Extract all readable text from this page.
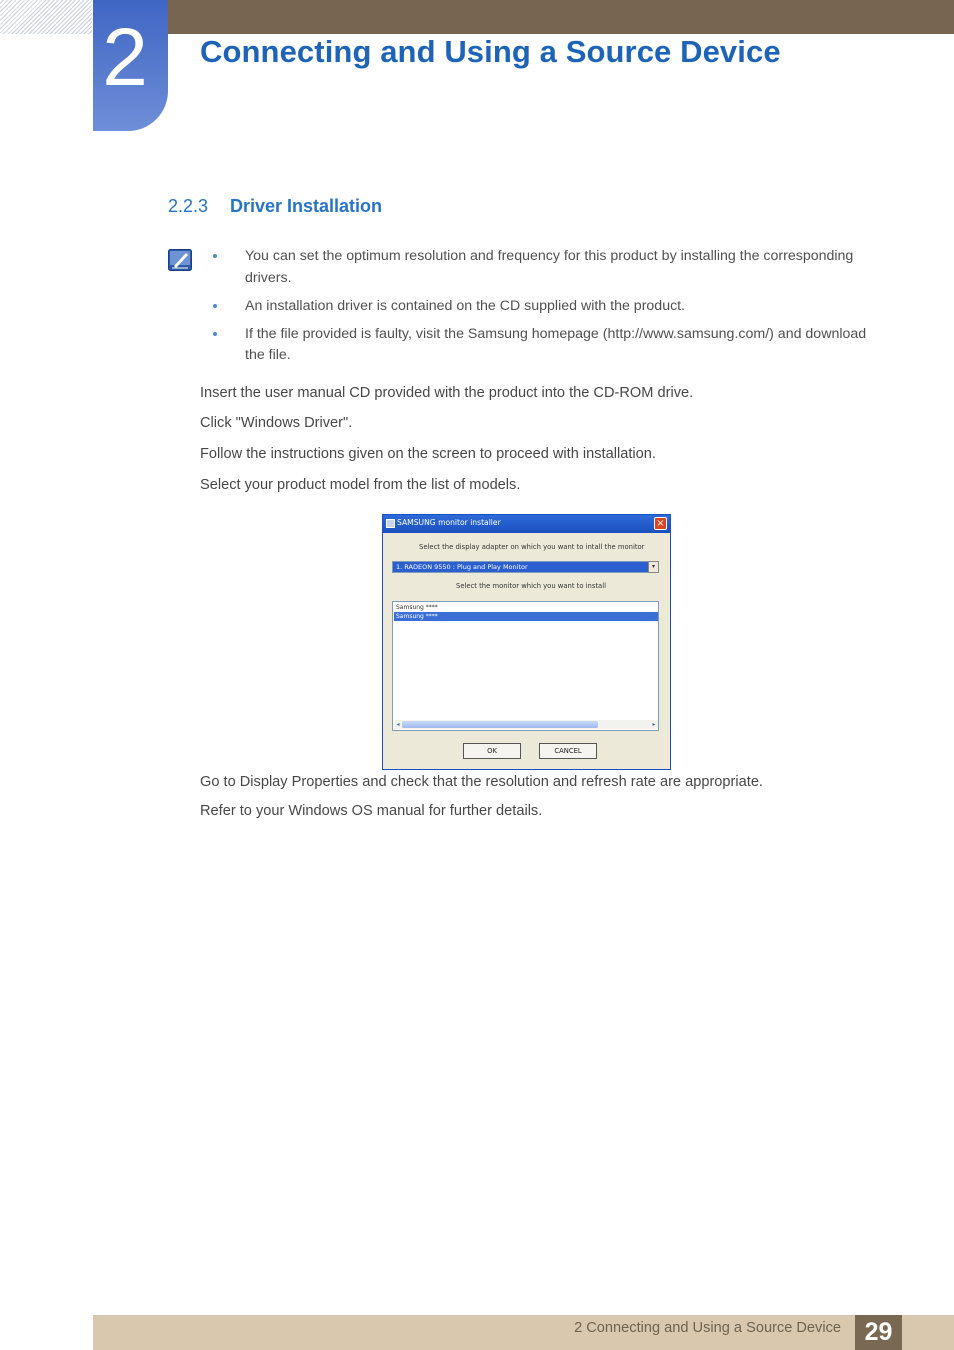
2 Connecting and Using a Source Device
2.2.3 Driver Installation
You can set the optimum resolution and frequency for this product by installing the corresponding drivers.
An installation driver is contained on the CD supplied with the product.
If the file provided is faulty, visit the Samsung homepage (http://www.samsung.com/) and download the file.
Insert the user manual CD provided with the product into the CD-ROM drive.
Click "Windows Driver".
Follow the instructions given on the screen to proceed with installation.
Select your product model from the list of models.
SAMSUNG monitor installer	×
Select the display adapter on which you want to intall the monitor
1. RADEON 9550 : Plug and Play Monitor	▾
Select the monitor which you want to install
Samsung ****
Samsung ****
◂	▸
OK	CANCEL
Go to Display Properties and check that the resolution and refresh rate are appropriate.
Refer to your Windows OS manual for further details.
2 Connecting and Using a Source Device 29
